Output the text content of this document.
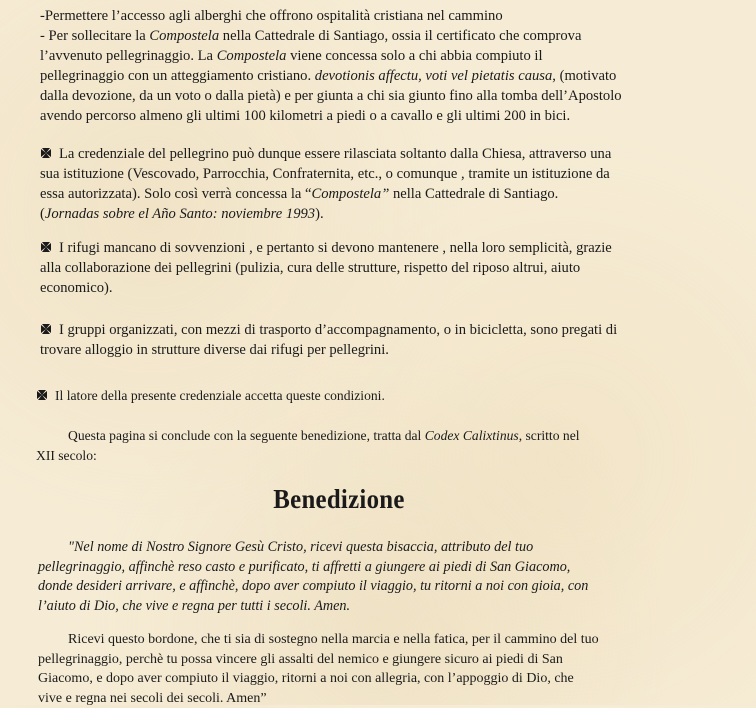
-Permettere l’accesso agli alberghi che offrono ospitalità cristiana nel cammino

- Per sollecitare la Compostela nella Cattedrale di Santiago, ossia il certificato che comprova

l’avvenuto pellegrinaggio. La Compostela viene concessa solo a chi abbia compiuto il

pellegrinaggio con un atteggiamento cristiano. devotionis affectu, voti vel pietatis causa, (motivato

dalla devozione, da un voto o dalla pietà) e per giunta a chi sia giunto fino alla tomba dell’Apostolo

avendo percorso almeno gli ultimi 100 kilometri a piedi o a cavallo e gli ultimi 200 in bici.

La credenziale del pellegrino può dunque essere rilasciata soltanto dalla Chiesa, attraverso una

sua istituzione (Vescovado, Parrocchia, Confraternita, etc., o comunque , tramite un istituzione da

essa autorizzata). Solo così verrà concessa la “Compostela” nella Cattedrale di Santiago.

(Jornadas sobre el Año Santo: noviembre 1993).

I rifugi mancano di sovvenzioni , e pertanto si devono mantenere , nella loro semplicità, grazie

alla collaborazione dei pellegrini (pulizia, cura delle strutture, rispetto del riposo altrui, aiuto

economico).

I gruppi organizzati, con mezzi di trasporto d’accompagnamento, o in bicicletta, sono pregati di

trovare alloggio in strutture diverse dai rifugi per pellegrini.

Il latore della presente credenziale accetta queste condizioni.

Questa pagina si conclude con la seguente benedizione, tratta dal Codex Calixtinus, scritto nel

XII secolo:

Benedizione

"Nel nome di Nostro Signore Gesù Cristo, ricevi questa bisaccia, attributo del tuo

pellegrinaggio, affinchè reso casto e purificato, ti affretti a giungere ai piedi di San Giacomo,

donde desideri arrivare, e affinchè, dopo aver compiuto il viaggio, tu ritorni a noi con gioia, con

l’aiuto di Dio, che vive e regna per tutti i secoli. Amen.

Ricevi questo bordone, che ti sia di sostegno nella marcia e nella fatica, per il cammino del tuo

pellegrinaggio, perchè tu possa vincere gli assalti del nemico e giungere sicuro ai piedi di San

Giacomo, e dopo aver compiuto il viaggio, ritorni a noi con allegria, con l’appoggio di Dio, che

vive e regna nei secoli dei secoli. Amen”
